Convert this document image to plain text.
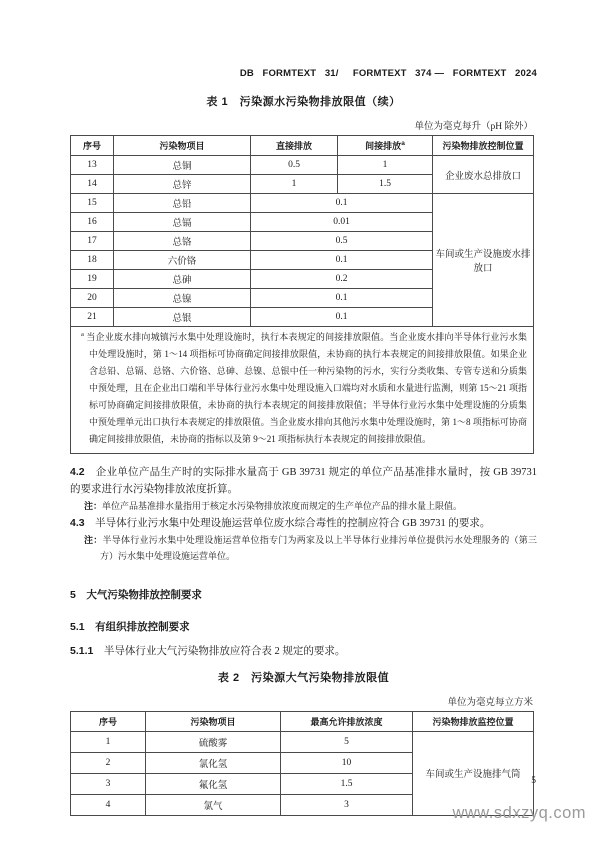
DB   FORMTEXT   31/     FORMTEXT   374 —   FORMTEXT   2024
表 1　污染源水污染物排放限值（续）
单位为毫克每升（pH 除外）
序号	污染物项目	直接排放	间接排放$^a$	污染物排放控制位置
13	总铜	0.5	1	企业废水总排放口
14	总锌	1	1.5	
15	总铅	0.1		车间或生产设施废水排放口
16	总镉	0.01		
17	总铬	0.5		
18	六价铬	0.1		
19	总砷	0.2		
20	总镍	0.1		
21	总银	0.1		

$^a$ 当企业废水排向城镇污水集中处理设施时，执行本表规定的间接排放限值。当企业废水排向半导体行业污水集中处理设施时，第 1～14 项指标可协商确定间接排放限值，未协商的执行本表规定的间接排放限值。如果企业含总铅、总镉、总铬、六价铬、总砷、总镍、总银中任一种污染物的污水，实行分类收集、专管专送和分质集中预处理，且在企业出口端和半导体行业污水集中处理设施入口端均对水质和水量进行监测，则第 15～21 项指标可协商确定间接排放限值，未协商的执行本表规定的间接排放限值；半导体行业污水集中处理设施的分质集中预处理单元出口执行本表规定的排放限值。当企业废水排向其他污水集中处理设施时，第 1～8 项指标可协商确定间接排放限值，未协商的指标以及第 9～21 项指标执行本表规定的间接排放限值。				

4.2　 企业单位产品生产时的实际排水量高于 GB 39731 规定的单位产品基准排水量时，按 GB 39731 的要求进行水污染物排放浓度折算。

注：单位产品基准排水量指用于核定水污染物排放浓度而规定的生产单位产品的排水量上限值。

4.3　 半导体行业污水集中处理设施运营单位废水综合毒性的控制应符合 GB 39731 的要求。

注：半导体行业污水集中处理设施运营单位指专门为两家及以上半导体行业排污单位提供污水处理服务的（第三方）污水集中处理设施运营单位。

5　大气污染物排放控制要求

5.1　有组织排放控制要求

5.1.1　 半导体行业大气污染物排放应符合表 2 规定的要求。

表 2　污染源大气污染物排放限值
单位为毫克每立方米
序号	污染物项目	最高允许排放浓度	污染物排放监控位置
1	硫酸雾	5	车间或生产设施排气筒
2	氯化氢	10	
3	氟化氢	1.5	
4	氯气	3	
5
www.sdxzyq.com
